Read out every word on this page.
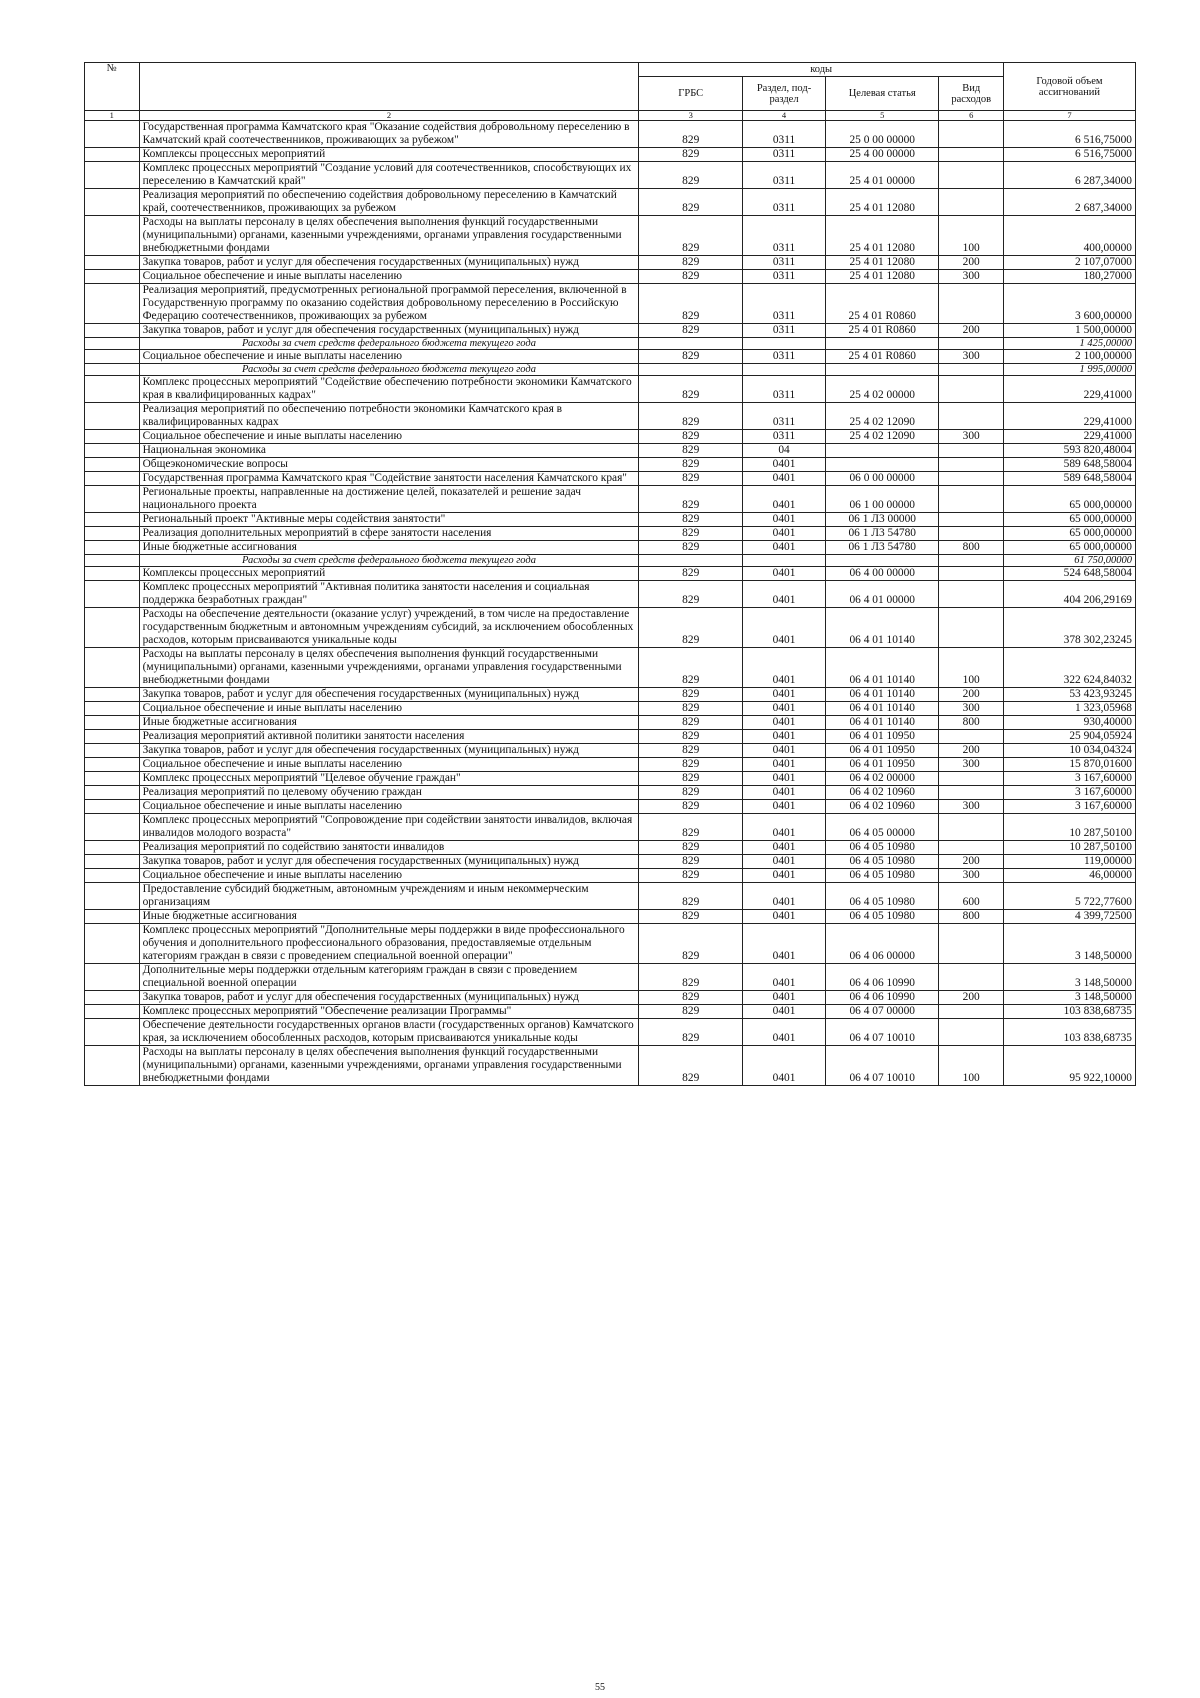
№		коды				Годовой объем ассигнований
		ГРБС	Раздел, под-раздел	Целевая статья	Вид расходов	
1	2	3	4	5	6	7
	Государственная программа Камчатского края "Оказание содействия добровольному переселению в Камчатский край соотечественников, проживающих за рубежом"	829	0311	25 0 00 00000		6 516,75000
	Комплексы процессных мероприятий	829	0311	25 4 00 00000		6 516,75000
	Комплекс процессных мероприятий "Создание условий для соотечественников, способствующих их переселению в Камчатский край"	829	0311	25 4 01 00000		6 287,34000
	Реализация мероприятий по обеспечению содействия добровольному переселению в Камчатский край, соотечественников, проживающих за рубежом	829	0311	25 4 01 12080		2 687,34000
	Расходы на выплаты персоналу в целях обеспечения выполнения функций государственными (муниципальными) органами, казенными учреждениями, органами управления государственными внебюджетными фондами	829	0311	25 4 01 12080	100	400,00000
	Закупка товаров, работ и услуг для обеспечения государственных (муниципальных) нужд	829	0311	25 4 01 12080	200	2 107,07000
	Социальное обеспечение и иные выплаты населению	829	0311	25 4 01 12080	300	180,27000
	Реализация мероприятий, предусмотренных региональной программой переселения, включенной в Государственную программу по оказанию содействия добровольному переселению в Российскую Федерацию соотечественников, проживающих за рубежом	829	0311	25 4 01 R0860		3 600,00000
	Закупка товаров, работ и услуг для обеспечения государственных (муниципальных) нужд	829	0311	25 4 01 R0860	200	1 500,00000
	Расходы за счет средств федерального бюджета текущего года					1 425,00000
	Социальное обеспечение и иные выплаты населению	829	0311	25 4 01 R0860	300	2 100,00000
	Расходы за счет средств федерального бюджета текущего года					1 995,00000
	Комплекс процессных мероприятий "Содействие обеспечению потребности экономики Камчатского края в квалифицированных кадрах"	829	0311	25 4 02 00000		229,41000
	Реализация мероприятий по обеспечению потребности экономики Камчатского края в квалифицированных кадрах	829	0311	25 4 02 12090		229,41000
	Социальное обеспечение и иные выплаты населению	829	0311	25 4 02 12090	300	229,41000
	Национальная экономика	829	04			593 820,48004
	Общеэкономические вопросы	829	0401			589 648,58004
	Государственная программа Камчатского края "Содействие занятости населения Камчатского края"	829	0401	06 0 00 00000		589 648,58004
	Региональные проекты, направленные на достижение целей, показателей и решение задач национального проекта	829	0401	06 1 00 00000		65 000,00000
	Региональный проект "Активные меры содействия занятости"	829	0401	06 1 Л3 00000		65 000,00000
	Реализация дополнительных мероприятий в сфере занятости населения	829	0401	06 1 Л3 54780		65 000,00000
	Иные бюджетные ассигнования	829	0401	06 1 Л3 54780	800	65 000,00000
	Расходы за счет средств федерального бюджета текущего года					61 750,00000
	Комплексы процессных мероприятий	829	0401	06 4 00 00000		524 648,58004
	Комплекс процессных мероприятий "Активная политика занятости населения и социальная поддержка безработных граждан"	829	0401	06 4 01 00000		404 206,29169
	Расходы на обеспечение деятельности (оказание услуг) учреждений, в том числе на предоставление государственным бюджетным и автономным учреждениям субсидий, за исключением обособленных расходов, которым присваиваются уникальные коды	829	0401	06 4 01 10140		378 302,23245
	Расходы на выплаты персоналу в целях обеспечения выполнения функций государственными (муниципальными) органами, казенными учреждениями, органами управления государственными внебюджетными фондами	829	0401	06 4 01 10140	100	322 624,84032
	Закупка товаров, работ и услуг для обеспечения государственных (муниципальных) нужд	829	0401	06 4 01 10140	200	53 423,93245
	Социальное обеспечение и иные выплаты населению	829	0401	06 4 01 10140	300	1 323,05968
	Иные бюджетные ассигнования	829	0401	06 4 01 10140	800	930,40000
	Реализация мероприятий активной политики занятости населения	829	0401	06 4 01 10950		25 904,05924
	Закупка товаров, работ и услуг для обеспечения государственных (муниципальных) нужд	829	0401	06 4 01 10950	200	10 034,04324
	Социальное обеспечение и иные выплаты населению	829	0401	06 4 01 10950	300	15 870,01600
	Комплекс процессных мероприятий "Целевое обучение граждан"	829	0401	06 4 02 00000		3 167,60000
	Реализация мероприятий по целевому обучению граждан	829	0401	06 4 02 10960		3 167,60000
	Социальное обеспечение и иные выплаты населению	829	0401	06 4 02 10960	300	3 167,60000
	Комплекс процессных мероприятий "Сопровождение при содействии занятости инвалидов, включая инвалидов молодого возраста"	829	0401	06 4 05 00000		10 287,50100
	Реализация мероприятий по содействию занятости инвалидов	829	0401	06 4 05 10980		10 287,50100
	Закупка товаров, работ и услуг для обеспечения государственных (муниципальных) нужд	829	0401	06 4 05 10980	200	119,00000
	Социальное обеспечение и иные выплаты населению	829	0401	06 4 05 10980	300	46,00000
	Предоставление субсидий бюджетным, автономным учреждениям и иным некоммерческим организациям	829	0401	06 4 05 10980	600	5 722,77600
	Иные бюджетные ассигнования	829	0401	06 4 05 10980	800	4 399,72500
	Комплекс процессных мероприятий "Дополнительные меры поддержки в виде профессионального обучения и дополнительного профессионального образования, предоставляемые отдельным категориям граждан в связи с проведением специальной военной операции"	829	0401	06 4 06 00000		3 148,50000
	Дополнительные меры поддержки отдельным категориям граждан в связи с проведением специальной военной операции	829	0401	06 4 06 10990		3 148,50000
	Закупка товаров, работ и услуг для обеспечения государственных (муниципальных) нужд	829	0401	06 4 06 10990	200	3 148,50000
	Комплекс процессных мероприятий "Обеспечение реализации Программы"	829	0401	06 4 07 00000		103 838,68735
	Обеспечение деятельности государственных органов власти (государственных органов) Камчатского края, за исключением обособленных расходов, которым присваиваются уникальные коды	829	0401	06 4 07 10010		103 838,68735
	Расходы на выплаты персоналу в целях обеспечения выполнения функций государственными (муниципальными) органами, казенными учреждениями, органами управления государственными внебюджетными фондами	829	0401	06 4 07 10010	100	95 922,10000
55
